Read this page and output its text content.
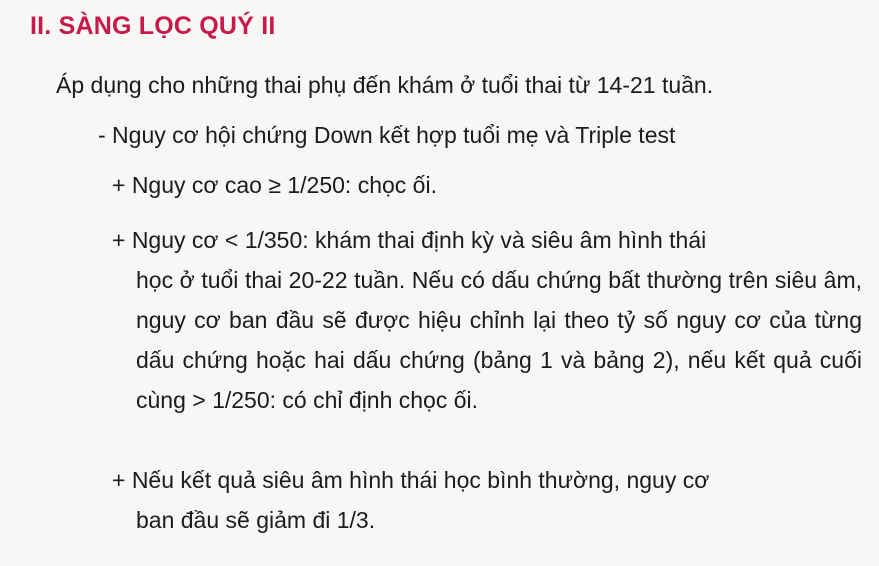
II. SÀNG LỌC QUÝ II
Áp dụng cho những thai phụ đến khám ở tuổi thai từ 14-21 tuần.
- Nguy cơ hội chứng Down kết hợp tuổi mẹ và Triple test
+ Nguy cơ cao ≥ 1/250: chọc ối.
+ Nguy cơ < 1/350: khám thai định kỳ và siêu âm hình thái
học ở tuổi thai 20-22 tuần. Nếu có dấu chứng bất thường trên siêu âm, nguy cơ ban đầu sẽ được hiệu chỉnh lại theo tỷ số nguy cơ của từng dấu chứng hoặc hai dấu chứng (bảng 1 và bảng 2), nếu kết quả cuối cùng > 1/250: có chỉ định chọc ối.
+ Nếu kết quả siêu âm hình thái học bình thường, nguy cơ
ban đầu sẽ giảm đi 1/3.
